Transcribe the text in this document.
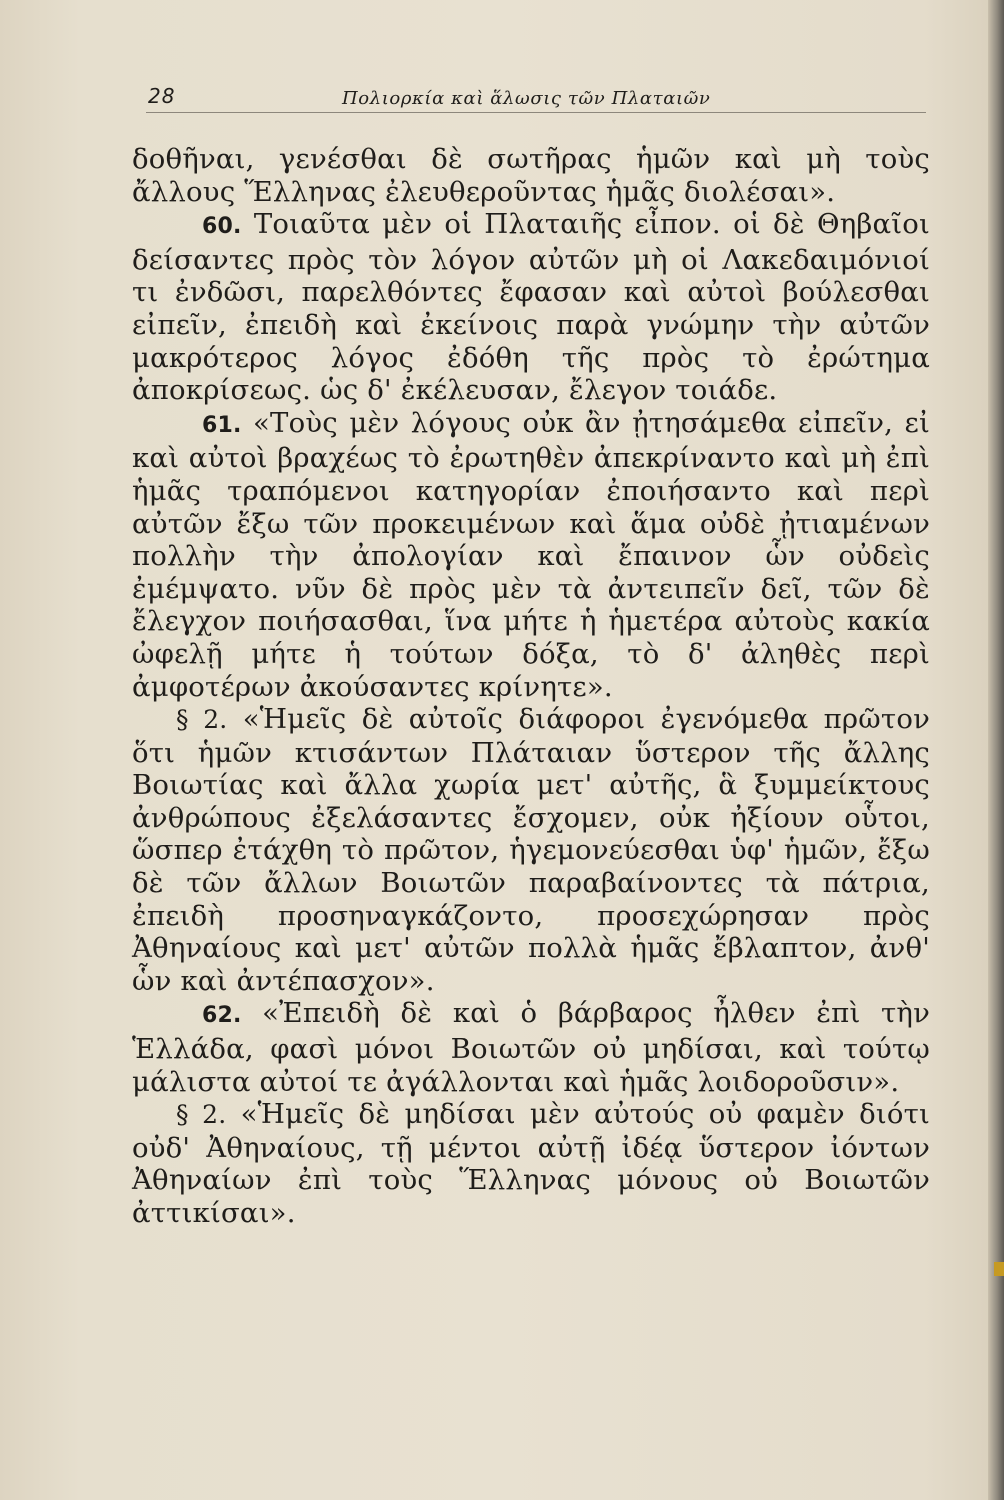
28	Πολιορκία καὶ ἅλωσις τῶν Πλαταιῶν

δοθῆναι, γενέσθαι δὲ σωτῆρας ἡμῶν καὶ μὴ τοὺς ἄλλους Ἕλληνας ἐλευθεροῦντας ἡμᾶς διολέσαι».

60. Τοιαῦτα μὲν οἱ Πλαταιῆς εἶπον. οἱ δὲ Θηβαῖοι δείσαντες πρὸς τὸν λόγον αὐτῶν μὴ οἱ Λακεδαιμόνιοί τι ἐνδῶσι, παρελθόντες ἔφασαν καὶ αὐτοὶ βούλεσθαι εἰπεῖν, ἐπειδὴ καὶ ἐκείνοις παρὰ γνώμην τὴν αὐτῶν μακρότερος λόγος ἐδόθη τῆς πρὸς τὸ ἐρώτημα ἀποκρίσεως. ὡς δ' ἐκέλευσαν, ἔλεγον τοιάδε.

61. «Τοὺς μὲν λόγους οὐκ ἂν ᾐτησάμεθα εἰπεῖν, εἰ καὶ αὐτοὶ βραχέως τὸ ἐρωτηθὲν ἀπεκρίναντο καὶ μὴ ἐπὶ ἡμᾶς τραπόμενοι κατηγορίαν ἐποιήσαντο καὶ περὶ αὐτῶν ἔξω τῶν προκειμένων καὶ ἅμα οὐδὲ ᾐτιαμένων πολλὴν τὴν ἀπολογίαν καὶ ἔπαινον ὧν οὐδεὶς ἐμέμψατο. νῦν δὲ πρὸς μὲν τὰ ἀντειπεῖν δεῖ, τῶν δὲ ἔλεγχον ποιήσασθαι, ἵνα μήτε ἡ ἡμετέρα αὐτοὺς κακία ὠφελῇ μήτε ἡ τούτων δόξα, τὸ δ' ἀληθὲς περὶ ἀμφοτέρων ἀκούσαντες κρίνητε».

§ 2. «Ἡμεῖς δὲ αὐτοῖς διάφοροι ἐγενόμεθα πρῶτον ὅτι ἡμῶν κτισάντων Πλάταιαν ὕστερον τῆς ἄλλης Βοιωτίας καὶ ἄλλα χωρία μετ' αὐτῆς, ἃ ξυμμείκτους ἀνθρώπους ἐξελάσαντες ἔσχομεν, οὐκ ἠξίουν οὗτοι, ὥσπερ ἐτάχθη τὸ πρῶτον, ἡγεμονεύεσθαι ὑφ' ἡμῶν, ἔξω δὲ τῶν ἄλλων Βοιωτῶν παραβαίνοντες τὰ πάτρια, ἐπειδὴ προσηναγκάζοντο, προσεχώρησαν πρὸς Ἀθηναίους καὶ μετ' αὐτῶν πολλὰ ἡμᾶς ἔβλαπτον, ἀνθ' ὧν καὶ ἀντέπασχον».

62. «Ἐπειδὴ δὲ καὶ ὁ βάρβαρος ἦλθεν ἐπὶ τὴν Ἑλλάδα, φασὶ μόνοι Βοιωτῶν οὐ μηδίσαι, καὶ τούτῳ μάλιστα αὐτοί τε ἀγάλλονται καὶ ἡμᾶς λοιδοροῦσιν».

§ 2. «Ἡμεῖς δὲ μηδίσαι μὲν αὐτούς οὐ φαμὲν διότι οὐδ' Ἀθηναίους, τῇ μέντοι αὐτῇ ἰδέᾳ ὕστερον ἰόντων Ἀθηναίων ἐπὶ τοὺς Ἕλληνας μόνους οὐ Βοιωτῶν ἀττικίσαι».
